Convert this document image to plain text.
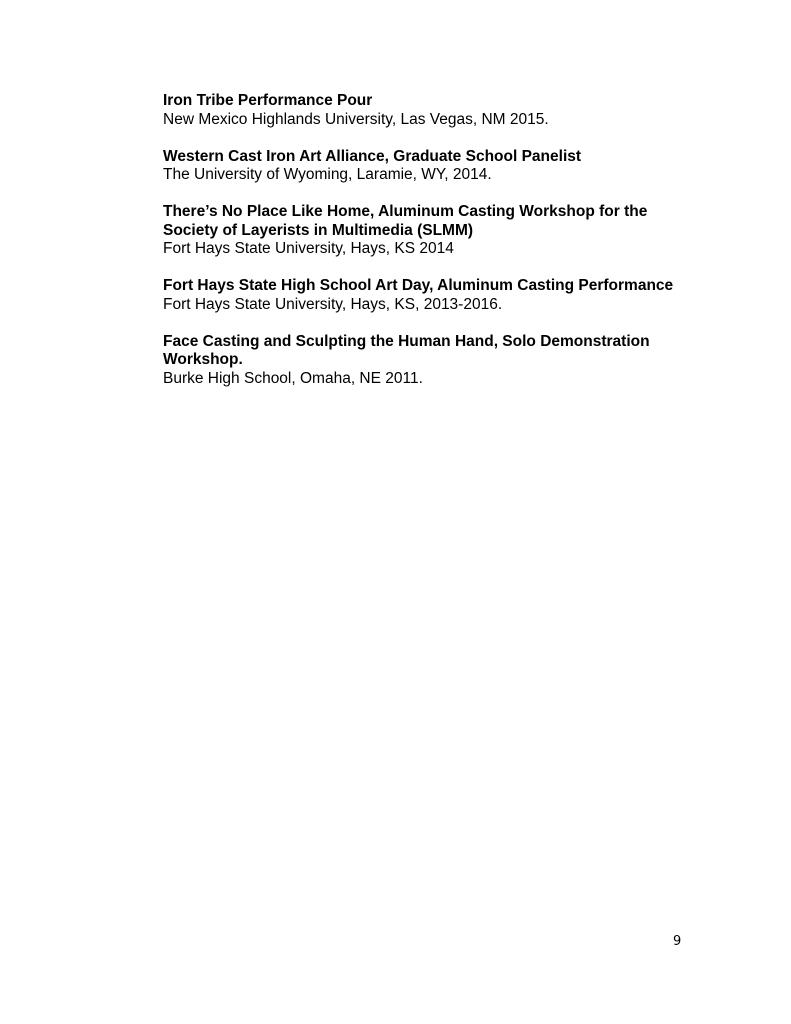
Iron Tribe Performance Pour
New Mexico Highlands University, Las Vegas, NM 2015.
Western Cast Iron Art Alliance, Graduate School Panelist
The University of Wyoming, Laramie, WY, 2014.
There’s No Place Like Home, Aluminum Casting Workshop for the Society of Layerists in Multimedia (SLMM)
Fort Hays State University, Hays, KS 2014
Fort Hays State High School Art Day, Aluminum Casting Performance
Fort Hays State University, Hays, KS, 2013-2016.
Face Casting and Sculpting the Human Hand, Solo Demonstration Workshop.
Burke High School, Omaha, NE 2011.
9
